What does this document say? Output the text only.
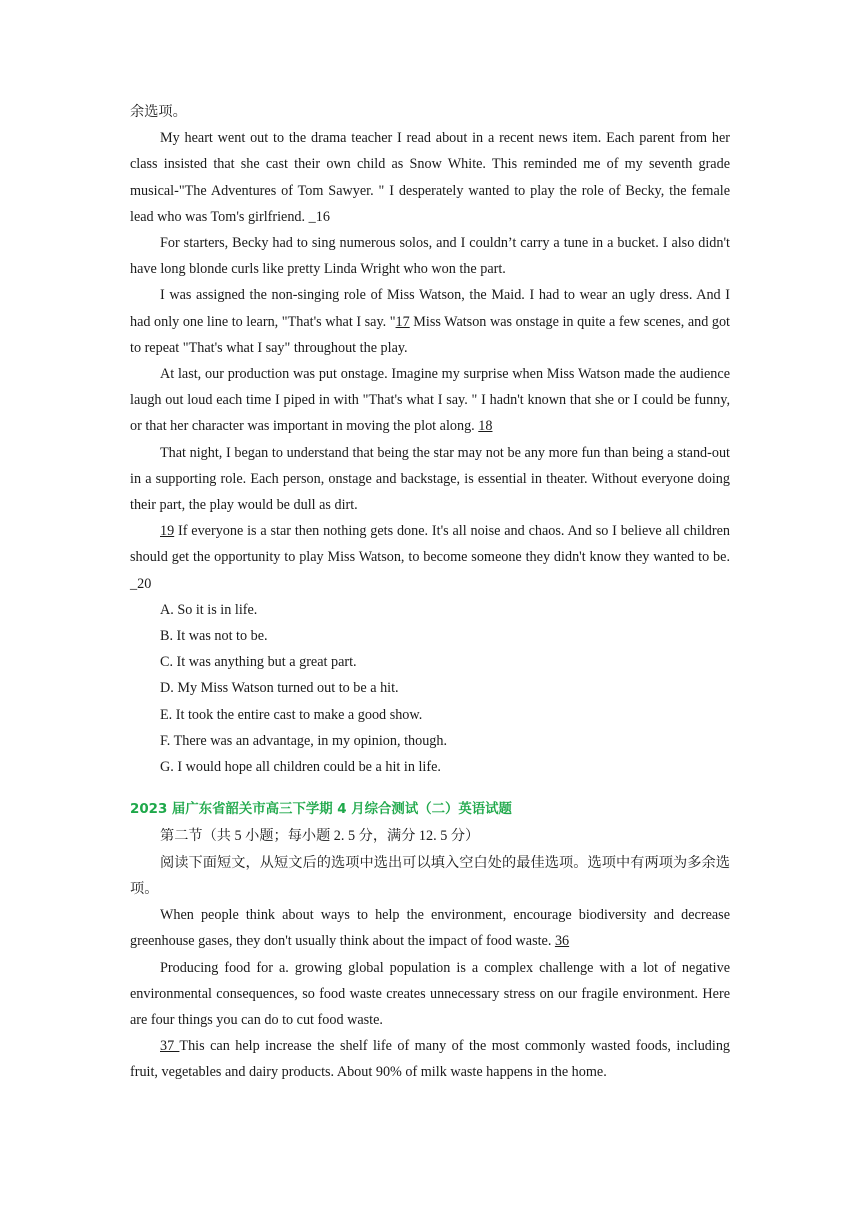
余选项。

My heart went out to the drama teacher I read about in a recent news item. Each parent from her class insisted that she cast their own child as Snow White. This reminded me of my seventh grade musical-"The Adventures of Tom Sawyer. " I desperately wanted to play the role of Becky, the female lead who was Tom's girlfriend. _16

For starters, Becky had to sing numerous solos, and I couldn’t carry a tune in a bucket. I also didn't have long blonde curls like pretty Linda Wright who won the part.

I was assigned the non-singing role of Miss Watson, the Maid. I had to wear an ugly dress. And I had only one line to learn, "That's what I say. "17 Miss Watson was onstage in quite a few scenes, and got to repeat "That's what I say" throughout the play.

At last, our production was put onstage. Imagine my surprise when Miss Watson made the audience laugh out loud each time I piped in with "That's what I say. " I hadn't known that she or I could be funny, or that her character was important in moving the plot along. 18

That night, I began to understand that being the star may not be any more fun than being a stand-out in a supporting role. Each person, onstage and backstage, is essential in theater. Without everyone doing their part, the play would be dull as dirt.

19 If everyone is a star then nothing gets done. It's all noise and chaos. And so I believe all children should get the opportunity to play Miss Watson, to become someone they didn't know they wanted to be. _20

A. So it is in life.

B. It was not to be.

C. It was anything but a great part.

D. My Miss Watson turned out to be a hit.

E. It took the entire cast to make a good show.

F. There was an advantage, in my opinion, though.

G. I would hope all children could be a hit in life.

2023 届广东省韶关市高三下学期 4 月综合测试（二）英语试题

第二节（共 5 小题；每小题 2. 5 分，满分 12. 5 分）

阅读下面短文，从短文后的选项中选出可以填入空白处的最佳选项。选项中有两项为多余选项。

When people think about ways to help the environment, encourage biodiversity and decrease greenhouse gases, they don't usually think about the impact of food waste. 36

Producing food for a. growing global population is a complex challenge with a lot of negative environmental consequences, so food waste creates unnecessary stress on our fragile environment. Here are four things you can do to cut food waste.

37 This can help increase the shelf life of many of the most commonly wasted foods, including fruit, vegetables and dairy products. About 90% of milk waste happens in the home.
